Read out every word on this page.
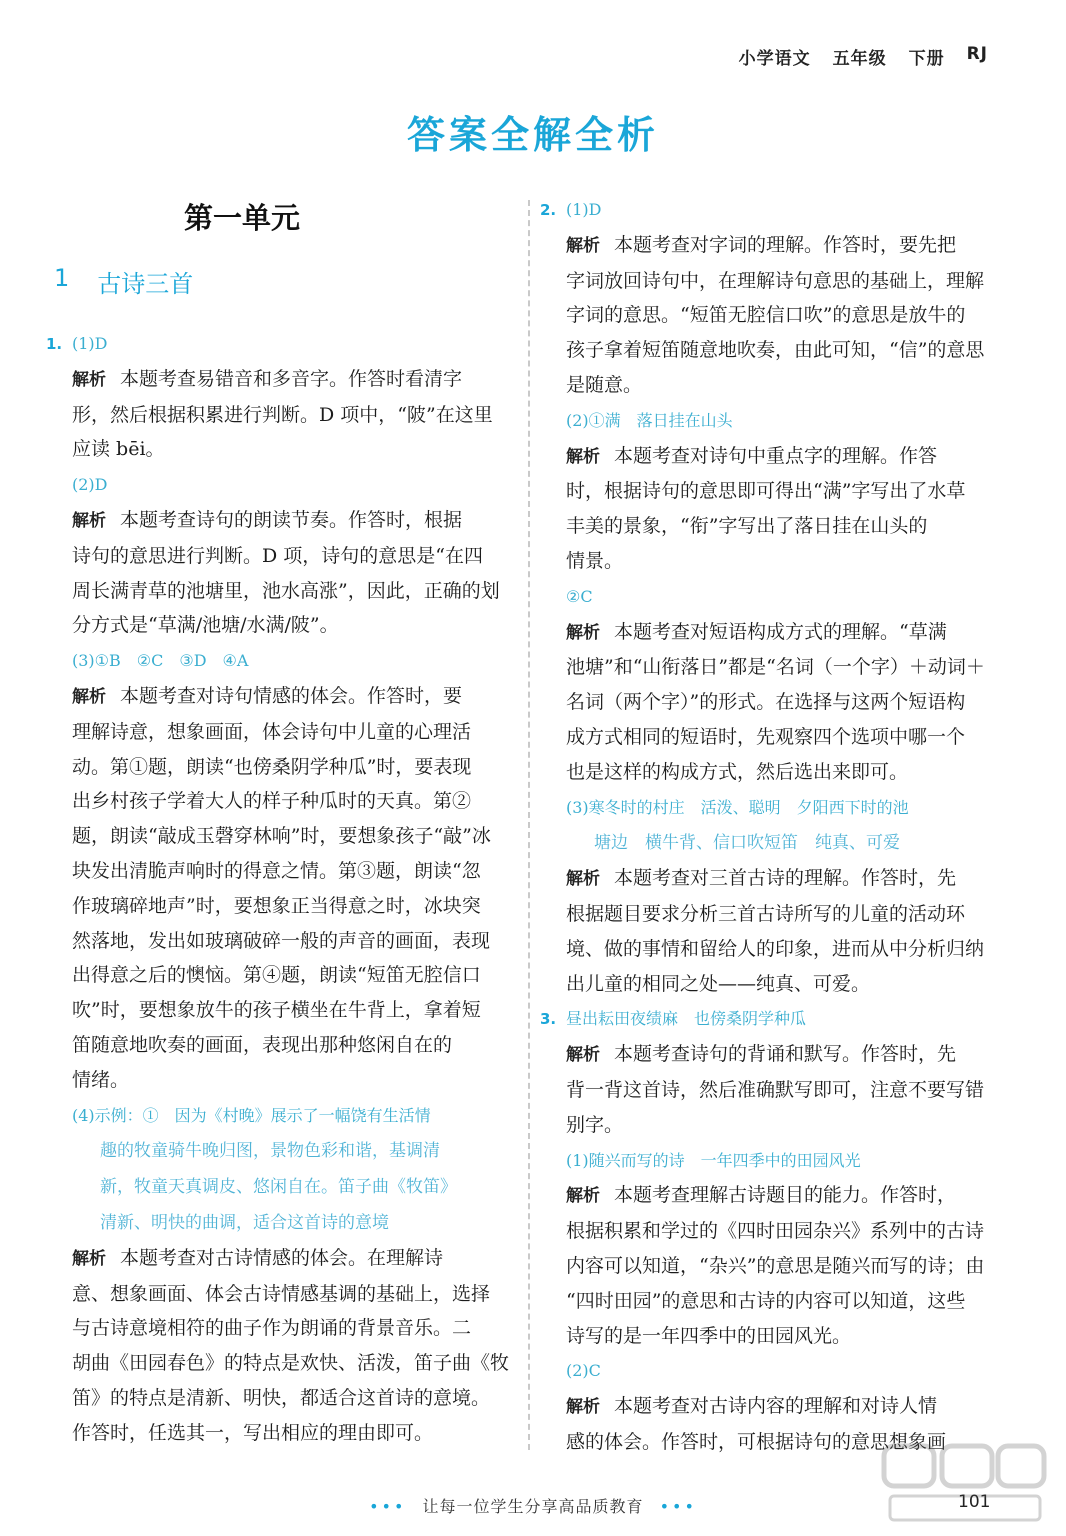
小学语文 五年级 下册 RJ
答案全解全析
第一单元
1 古诗三首
1. (1)D
解析 本题考查易错音和多音字。作答时看清字
形，然后根据积累进行判断。D 项中，“陂”在这里
应读 bēi。
(2)D
解析 本题考查诗句的朗读节奏。作答时，根据
诗句的意思进行判断。D 项，诗句的意思是“在四
周长满青草的池塘里，池水高涨”，因此，正确的划
分方式是“草满/池塘/水满/陂”。
(3)①B　②C　③D　④A
解析 本题考查对诗句情感的体会。作答时，要
理解诗意，想象画面，体会诗句中儿童的心理活
动。第①题，朗读“也傍桑阴学种瓜”时，要表现
出乡村孩子学着大人的样子种瓜时的天真。第②
题，朗读“敲成玉磬穿林响”时，要想象孩子“敲”冰
块发出清脆声响时的得意之情。第③题，朗读“忽
作玻璃碎地声”时，要想象正当得意之时，冰块突
然落地，发出如玻璃破碎一般的声音的画面，表现
出得意之后的懊恼。第④题，朗读“短笛无腔信口
吹”时，要想象放牛的孩子横坐在牛背上，拿着短
笛随意地吹奏的画面，表现出那种悠闲自在的
情绪。
(4)示例：①　因为《村晚》展示了一幅饶有生活情
趣的牧童骑牛晚归图，景物色彩和谐，基调清
新，牧童天真调皮、悠闲自在。笛子曲《牧笛》
清新、明快的曲调，适合这首诗的意境
解析 本题考查对古诗情感的体会。在理解诗
意、想象画面、体会古诗情感基调的基础上，选择
与古诗意境相符的曲子作为朗诵的背景音乐。二
胡曲《田园春色》的特点是欢快、活泼，笛子曲《牧
笛》的特点是清新、明快，都适合这首诗的意境。
作答时，任选其一，写出相应的理由即可。
2. (1)D
解析 本题考查对字词的理解。作答时，要先把
字词放回诗句中，在理解诗句意思的基础上，理解
字词的意思。“短笛无腔信口吹”的意思是放牛的
孩子拿着短笛随意地吹奏，由此可知，“信”的意思
是随意。
(2)①满　落日挂在山头
解析 本题考查对诗句中重点字的理解。作答
时，根据诗句的意思即可得出“满”字写出了水草
丰美的景象，“衔”字写出了落日挂在山头的
情景。
②C
解析 本题考查对短语构成方式的理解。“草满
池塘”和“山衔落日”都是“名词（一个字）＋动词＋
名词（两个字）”的形式。在选择与这两个短语构
成方式相同的短语时，先观察四个选项中哪一个
也是这样的构成方式，然后选出来即可。
(3)寒冬时的村庄　活泼、聪明　夕阳西下时的池
塘边　横牛背、信口吹短笛　纯真、可爱
解析 本题考查对三首古诗的理解。作答时，先
根据题目要求分析三首古诗所写的儿童的活动环
境、做的事情和留给人的印象，进而从中分析归纳
出儿童的相同之处——纯真、可爱。
3. 昼出耘田夜绩麻　也傍桑阴学种瓜
解析 本题考查诗句的背诵和默写。作答时，先
背一背这首诗，然后准确默写即可，注意不要写错
别字。
(1)随兴而写的诗　一年四季中的田园风光
解析 本题考查理解古诗题目的能力。作答时，
根据积累和学过的《四时田园杂兴》系列中的古诗
内容可以知道，“杂兴”的意思是随兴而写的诗；由
“四时田园”的意思和古诗的内容可以知道，这些
诗写的是一年四季中的田园风光。
(2)C
解析 本题考查对古诗内容的理解和对诗人情
感的体会。作答时，可根据诗句的意思想象画
••• 让每一位学生分享高品质教育 •••	101
